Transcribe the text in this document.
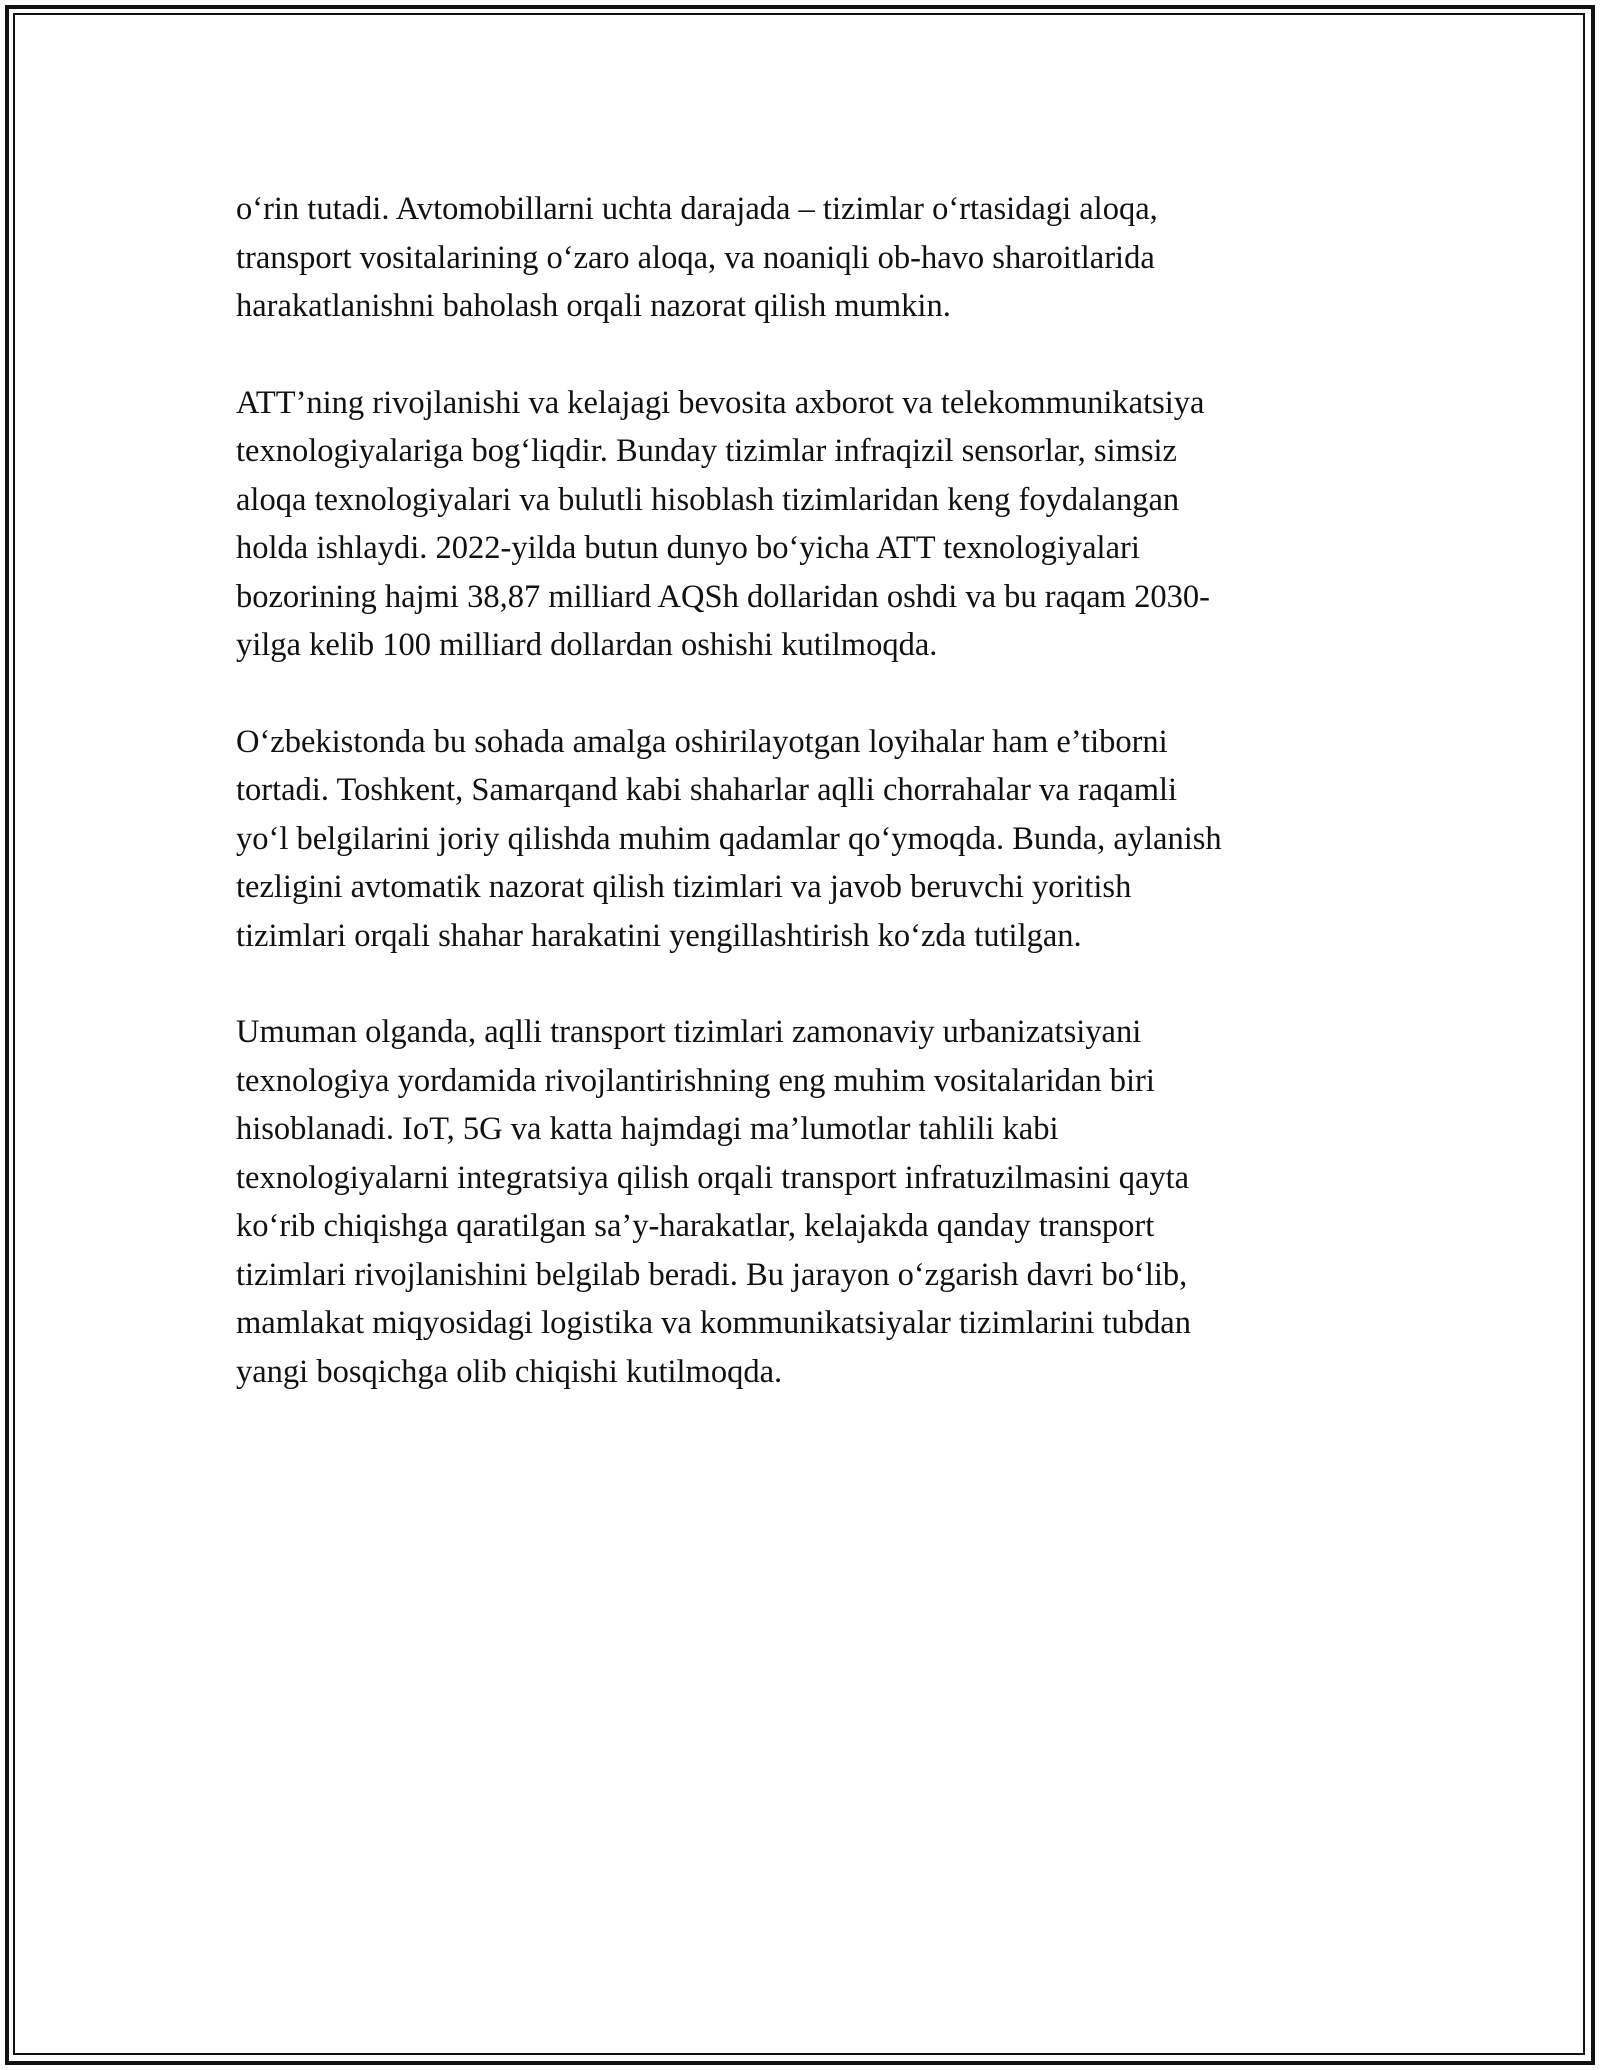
o‘rin tutadi. Avtomobillarni uchta darajada – tizimlar o‘rtasidagi aloqa,
transport vositalarining o‘zaro aloqa, va noaniqli ob-havo sharoitlarida
harakatlanishni baholash orqali nazorat qilish mumkin.

ATT’ning rivojlanishi va kelajagi bevosita axborot va telekommunikatsiya
texnologiyalariga bog‘liqdir. Bunday tizimlar infraqizil sensorlar, simsiz
aloqa texnologiyalari va bulutli hisoblash tizimlaridan keng foydalangan
holda ishlaydi. 2022-yilda butun dunyo bo‘yicha ATT texnologiyalari
bozorining hajmi 38,87 milliard AQSh dollaridan oshdi va bu raqam 2030-
yilga kelib 100 milliard dollardan oshishi kutilmoqda.

O‘zbekistonda bu sohada amalga oshirilayotgan loyihalar ham e’tiborni
tortadi. Toshkent, Samarqand kabi shaharlar aqlli chorrahalar va raqamli
yo‘l belgilarini joriy qilishda muhim qadamlar qo‘ymoqda. Bunda, aylanish
tezligini avtomatik nazorat qilish tizimlari va javob beruvchi yoritish
tizimlari orqali shahar harakatini yengillashtirish ko‘zda tutilgan.

Umuman olganda, aqlli transport tizimlari zamonaviy urbanizatsiyani
texnologiya yordamida rivojlantirishning eng muhim vositalaridan biri
hisoblanadi. IoT, 5G va katta hajmdagi ma’lumotlar tahlili kabi
texnologiyalarni integratsiya qilish orqali transport infratuzilmasini qayta
ko‘rib chiqishga qaratilgan sa’y-harakatlar, kelajakda qanday transport
tizimlari rivojlanishini belgilab beradi. Bu jarayon o‘zgarish davri bo‘lib,
mamlakat miqyosidagi logistika va kommunikatsiyalar tizimlarini tubdan
yangi bosqichga olib chiqishi kutilmoqda.
